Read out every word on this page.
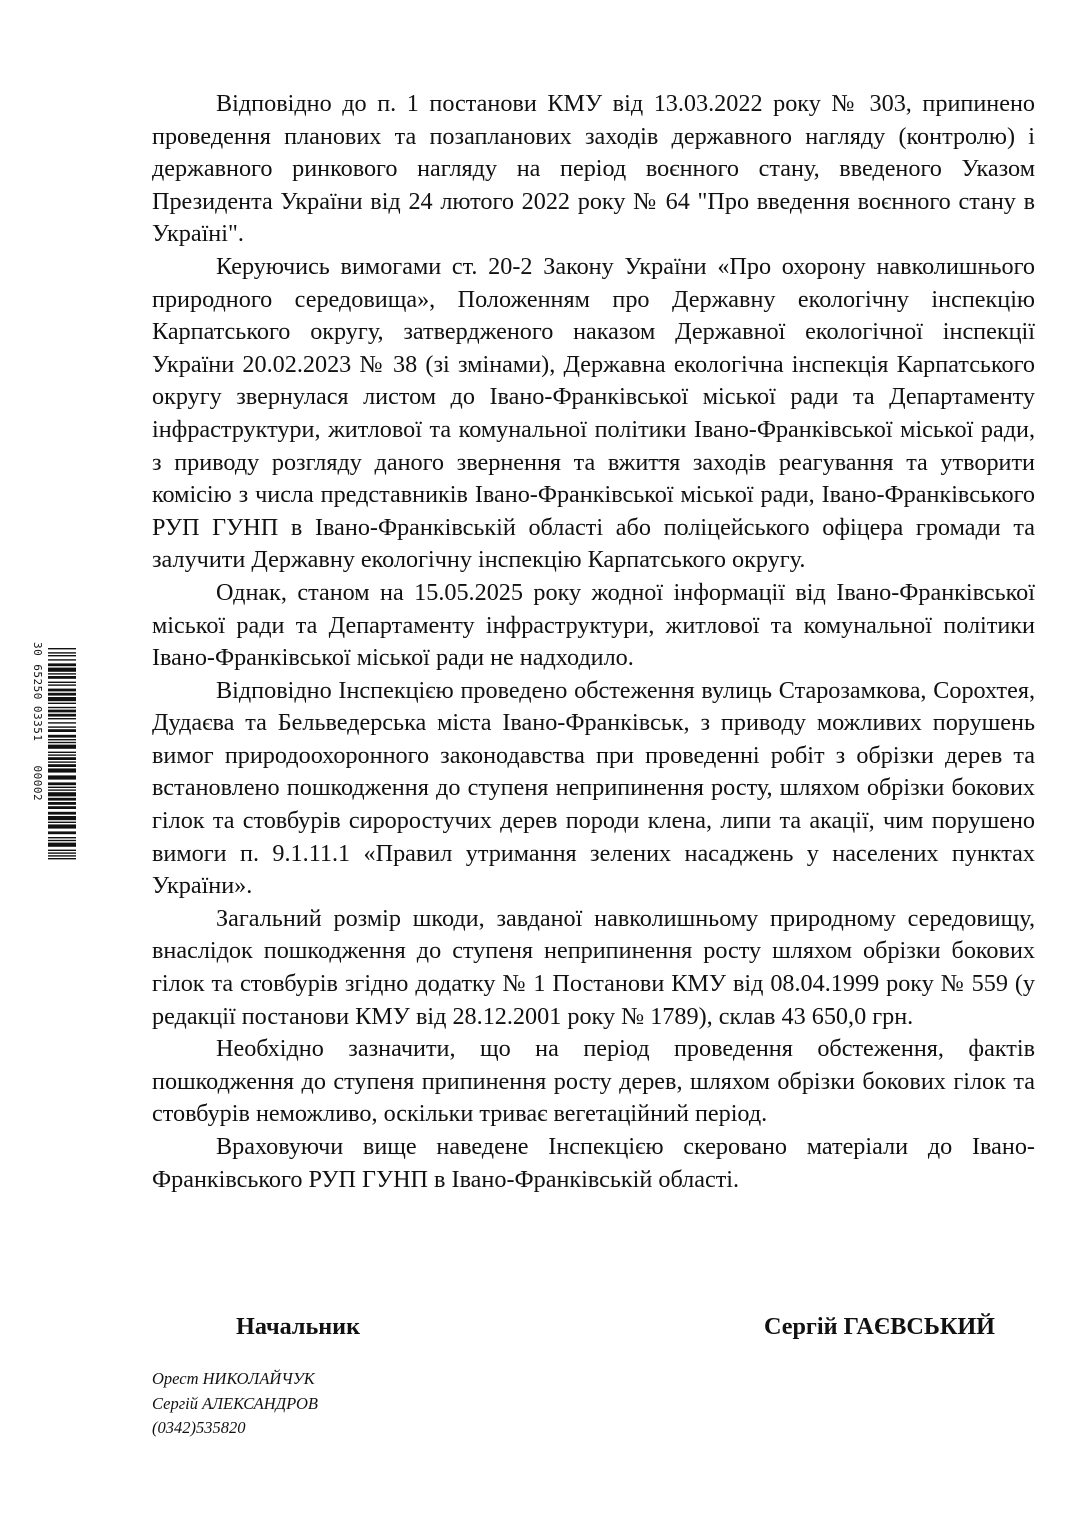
30652500335100002

Відповідно до п. 1 постанови КМУ від 13.03.2022 року № 303, припинено проведення планових та позапланових заходів державного нагляду (контролю) і державного ринкового нагляду на період воєнного стану, введеного Указом Президента України від 24 лютого 2022 року № 64 "Про введення воєнного стану в Україні".

Керуючись вимогами ст. 20-2 Закону України «Про охорону навколишнього природного середовища», Положенням про Державну екологічну інспекцію Карпатського округу, затвердженого наказом Державної екологічної інспекції України 20.02.2023 № 38 (зі змінами), Державна екологічна інспекція Карпатського округу звернулася листом до Івано-Франківської міської ради та Департаменту інфраструктури, житлової та комунальної політики Івано-Франківської міської ради, з приводу розгляду даного звернення та вжиття заходів реагування та утворити комісію з числа представників Івано-Франківської міської ради, Івано-Франківського РУП ГУНП в Івано-Франківській області або поліцейського офіцера громади та залучити Державну екологічну інспекцію Карпатського округу.

Однак, станом на 15.05.2025 року жодної інформації від Івано-Франківської міської ради та Департаменту інфраструктури, житлової та комунальної політики Івано-Франківської міської ради не надходило.

Відповідно Інспекцією проведено обстеження вулиць Старозамкова, Сорохтея, Дудаєва та Бельведерська міста Івано-Франківськ, з приводу можливих порушень вимог природоохоронного законодавства при проведенні робіт з обрізки дерев та встановлено пошкодження до ступеня неприпинення росту, шляхом обрізки бокових гілок та стовбурів сироростучих дерев породи клена, липи та акації, чим порушено вимоги п. 9.1.11.1 «Правил утримання зелених насаджень у населених пунктах України».

Загальний розмір шкоди, завданої навколишньому природному середовищу, внаслідок пошкодження до ступеня неприпинення росту шляхом обрізки бокових гілок та стовбурів згідно додатку № 1 Постанови КМУ від 08.04.1999 року № 559 (у редакції постанови КМУ від 28.12.2001 року № 1789), склав 43 650,0 грн.

Необхідно зазначити, що на період проведення обстеження, фактів пошкодження до ступеня припинення росту дерев, шляхом обрізки бокових гілок та стовбурів неможливо, оскільки триває вегетаційний період.

Враховуючи вище наведене Інспекцією скеровано матеріали до Івано-Франківського РУП ГУНП в Івано-Франківській області.

Начальник	Сергій ГАЄВСЬКИЙ
Орест НИКОЛАЙЧУК
Сергій АЛЕКСАНДРОВ
(0342)535820
